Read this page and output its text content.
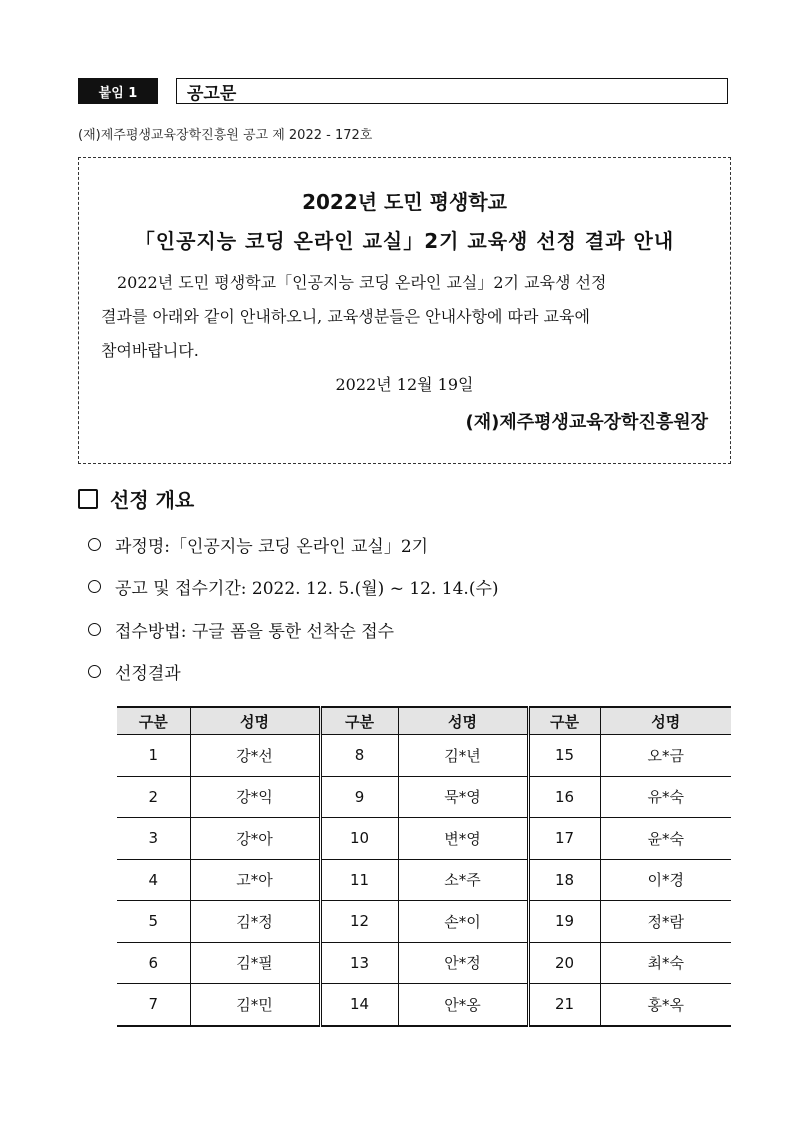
붙임 1	공고문
(재)제주평생교육장학진흥원 공고 제 2022 - 172호
2022년 도민 평생학교
「인공지능 코딩 온라인 교실」2기 교육생 선정 결과 안내
2022년 도민 평생학교「인공지능 코딩 온라인 교실」2기 교육생 선정
결과를 아래와 같이 안내하오니, 교육생분들은 안내사항에 따라 교육에
참여바랍니다.
2022년 12월 19일
(재)제주평생교육장학진흥원장
선정 개요
과정명:「인공지능 코딩 온라인 교실」2기
공고 및 접수기간: 2022. 12. 5.(월) ~ 12. 14.(수)
접수방법: 구글 폼을 통한 선착순 접수
선정결과
구분	성명	구분	성명	구분	성명
1	강*선	8	김*년	15	오*금
2	강*익	9	묵*영	16	유*숙
3	강*아	10	변*영	17	윤*숙
4	고*아	11	소*주	18	이*경
5	김*정	12	손*이	19	정*람
6	김*필	13	안*정	20	최*숙
7	김*민	14	안*옹	21	홍*옥
